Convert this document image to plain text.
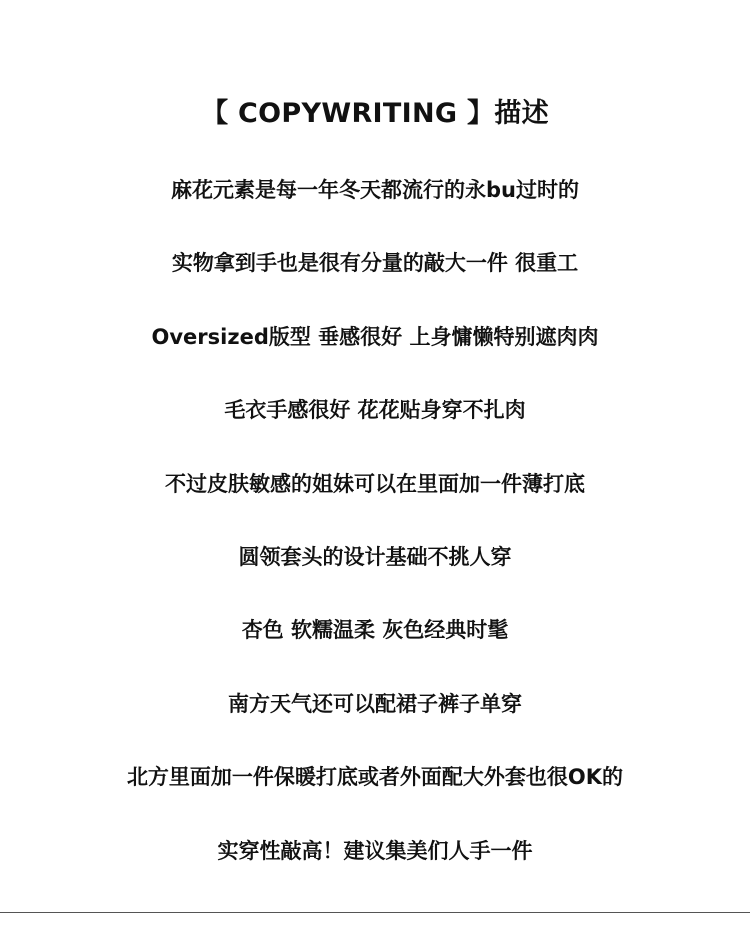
【 COPYWRITING 】描述
麻花元素是每一年冬天都流行的永bu过时的
实物拿到手也是很有分量的敲大一件 很重工
Oversized版型 垂感很好 上身慵懒特别遮肉肉
毛衣手感很好 花花贴身穿不扎肉
不过皮肤敏感的姐妹可以在里面加一件薄打底
圆领套头的设计基础不挑人穿
杏色 软糯温柔 灰色经典时髦
南方天气还可以配裙子裤子单穿
北方里面加一件保暖打底或者外面配大外套也很OK的
实穿性敲高！建议集美们人手一件
